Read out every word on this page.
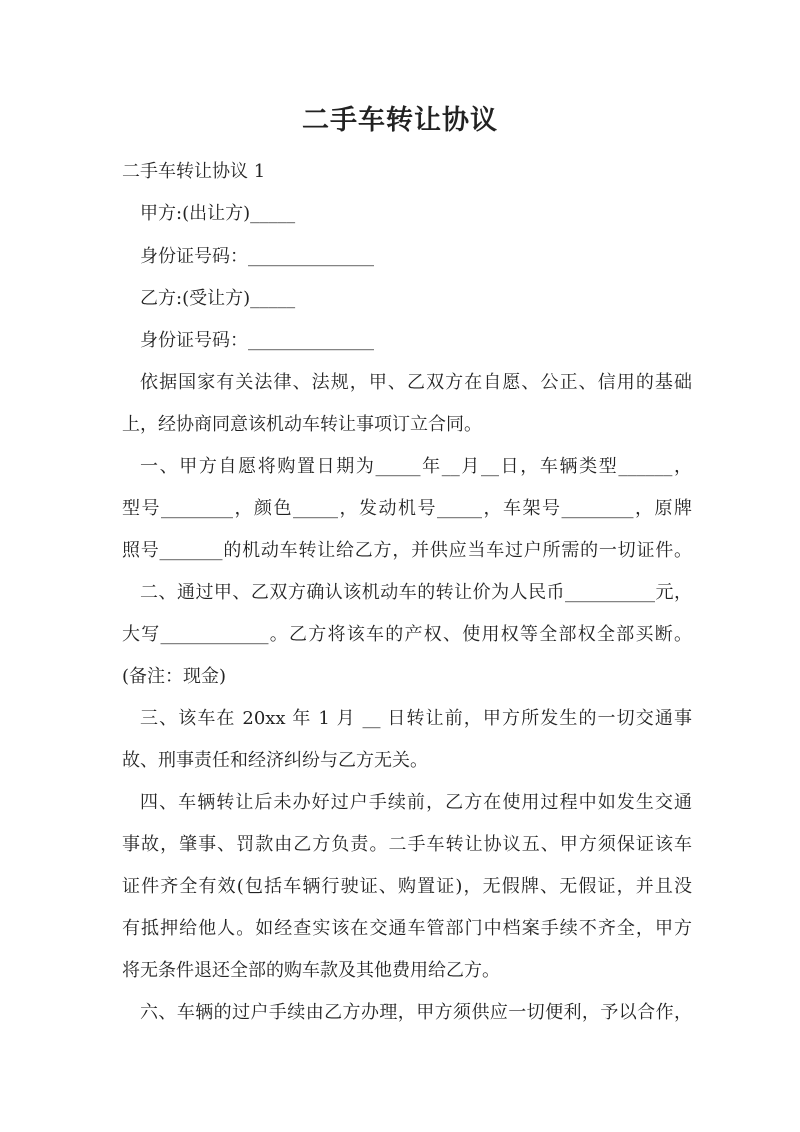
二手车转让协议
二手车转让协议 1
甲方:(出让方)_____
身份证号码：______________
乙方:(受让方)_____
身份证号码：______________
依据国家有关法律、法规，甲、乙双方在自愿、公正、信用的基础
上，经协商同意该机动车转让事项订立合同。
一、甲方自愿将购置日期为_____年__月__日，车辆类型______，
型号________，颜色_____，发动机号_____，车架号________，原牌
照号_______的机动车转让给乙方，并供应当车过户所需的一切证件。
二、通过甲、乙双方确认该机动车的转让价为人民币__________元，
大写____________。乙方将该车的产权、使用权等全部权全部买断。
(备注：现金)
三、该车在 20xx 年 1 月 __ 日转让前，甲方所发生的一切交通事
故、刑事责任和经济纠纷与乙方无关。
四、车辆转让后未办好过户手续前，乙方在使用过程中如发生交通
事故，肇事、罚款由乙方负责。二手车转让协议五、甲方须保证该车
证件齐全有效(包括车辆行驶证、购置证)，无假牌、无假证，并且没
有抵押给他人。如经查实该在交通车管部门中档案手续不齐全，甲方
将无条件退还全部的购车款及其他费用给乙方。
六、车辆的过户手续由乙方办理，甲方须供应一切便利，予以合作，
